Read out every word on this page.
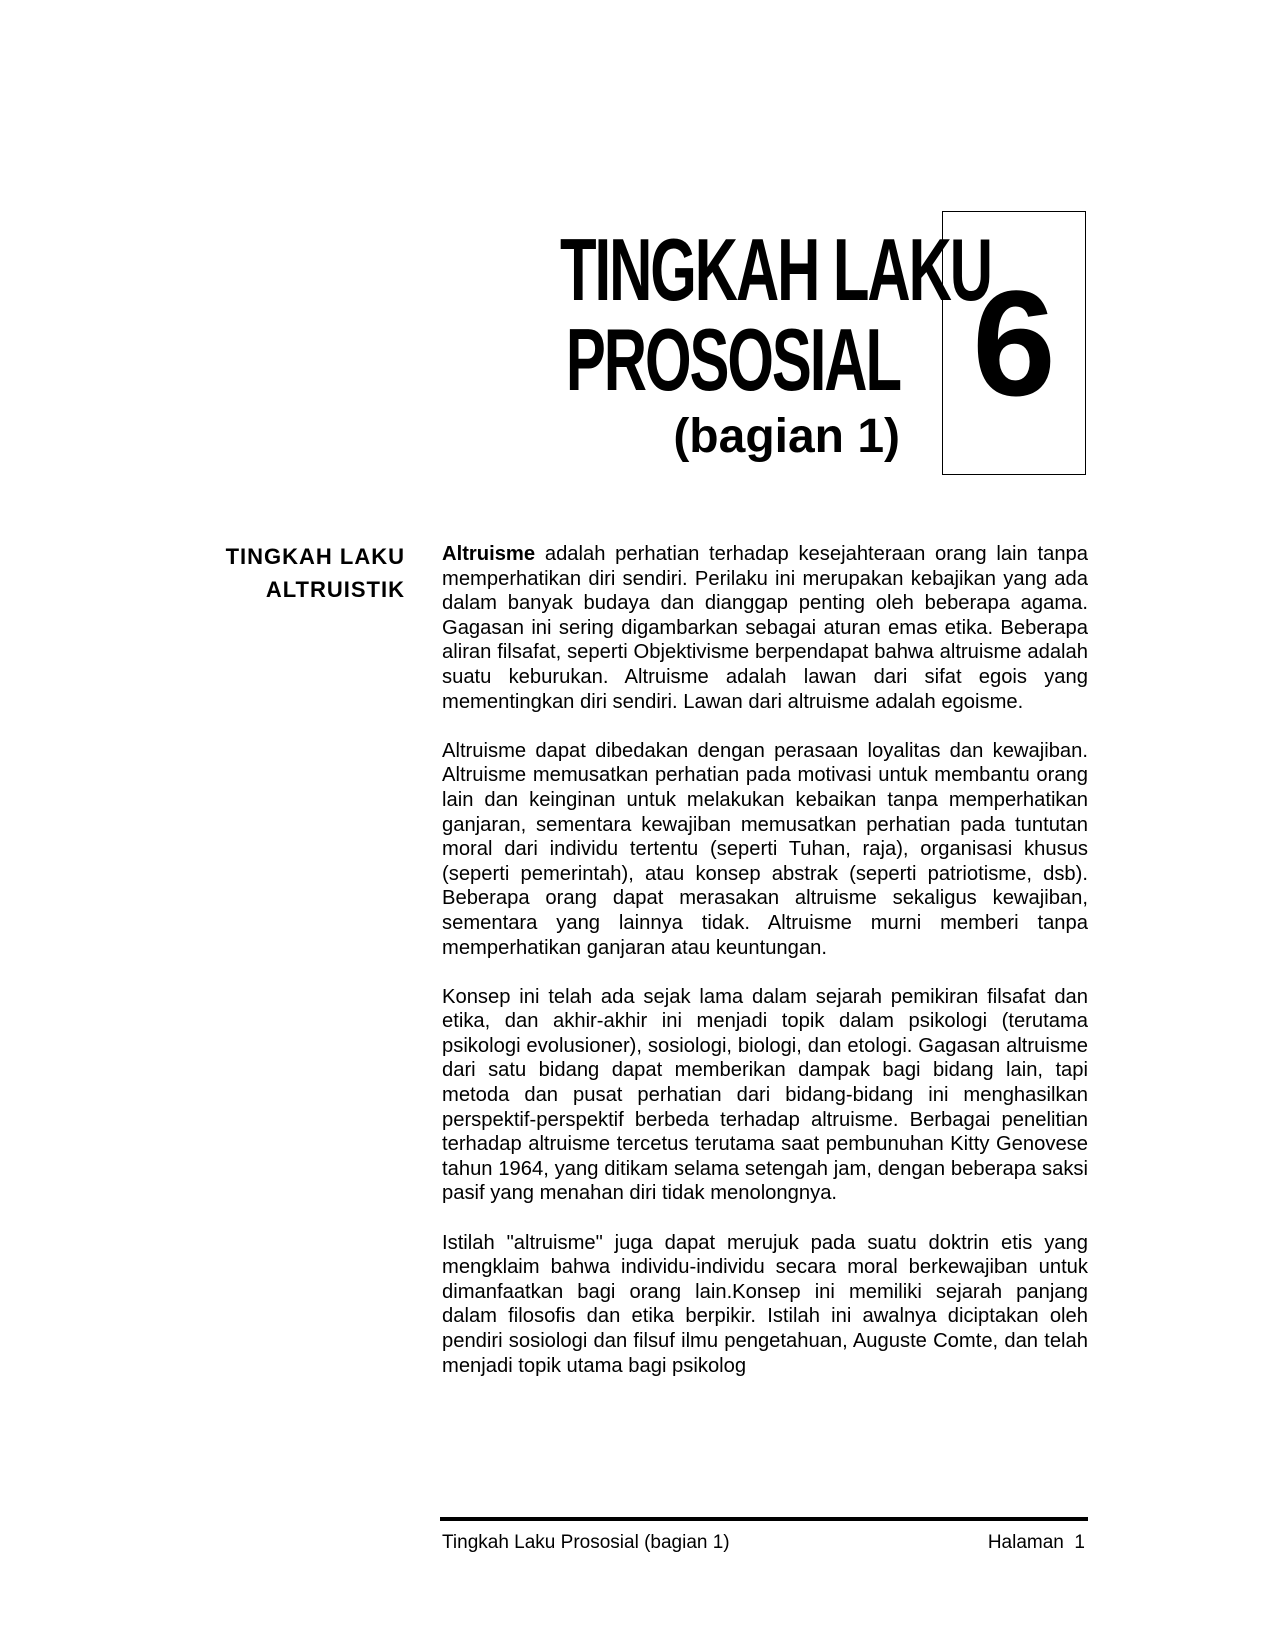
TINGKAH LAKU
PROSOSIAL
(bagian 1)
6
TINGKAH LAKU
ALTRUISTIK

Altruisme adalah perhatian terhadap kesejahteraan orang lain tanpa memperhatikan diri sendiri. Perilaku ini merupakan kebajikan yang ada dalam banyak budaya dan dianggap penting oleh beberapa agama. Gagasan ini sering digambarkan sebagai aturan emas etika. Beberapa aliran filsafat, seperti Objektivisme berpendapat bahwa altruisme adalah suatu keburukan. Altruisme adalah lawan dari sifat egois yang mementingkan diri sendiri. Lawan dari altruisme adalah egoisme.

Altruisme dapat dibedakan dengan perasaan loyalitas dan kewajiban. Altruisme memusatkan perhatian pada motivasi untuk membantu orang lain dan keinginan untuk melakukan kebaikan tanpa memperhatikan ganjaran, sementara kewajiban memusatkan perhatian pada tuntutan moral dari individu tertentu (seperti Tuhan, raja), organisasi khusus (seperti pemerintah), atau konsep abstrak (seperti patriotisme, dsb). Beberapa orang dapat merasakan altruisme sekaligus kewajiban, sementara yang lainnya tidak. Altruisme murni memberi tanpa memperhatikan ganjaran atau keuntungan.

Konsep ini telah ada sejak lama dalam sejarah pemikiran filsafat dan etika, dan akhir-akhir ini menjadi topik dalam psikologi (terutama psikologi evolusioner), sosiologi, biologi, dan etologi. Gagasan altruisme dari satu bidang dapat memberikan dampak bagi bidang lain, tapi metoda dan pusat perhatian dari bidang-bidang ini menghasilkan perspektif-perspektif berbeda terhadap altruisme. Berbagai penelitian terhadap altruisme tercetus terutama saat pembunuhan Kitty Genovese tahun 1964, yang ditikam selama setengah jam, dengan beberapa saksi pasif yang menahan diri tidak menolongnya.

Istilah "altruisme" juga dapat merujuk pada suatu doktrin etis yang mengklaim bahwa individu-individu secara moral berkewajiban untuk dimanfaatkan bagi orang lain.Konsep ini memiliki sejarah panjang dalam filosofis dan etika berpikir. Istilah ini awalnya diciptakan oleh pendiri sosiologi dan filsuf ilmu pengetahuan, Auguste Comte, dan telah menjadi topik utama bagi psikolog

Tingkah Laku Prososial (bagian 1)	Halaman  1
